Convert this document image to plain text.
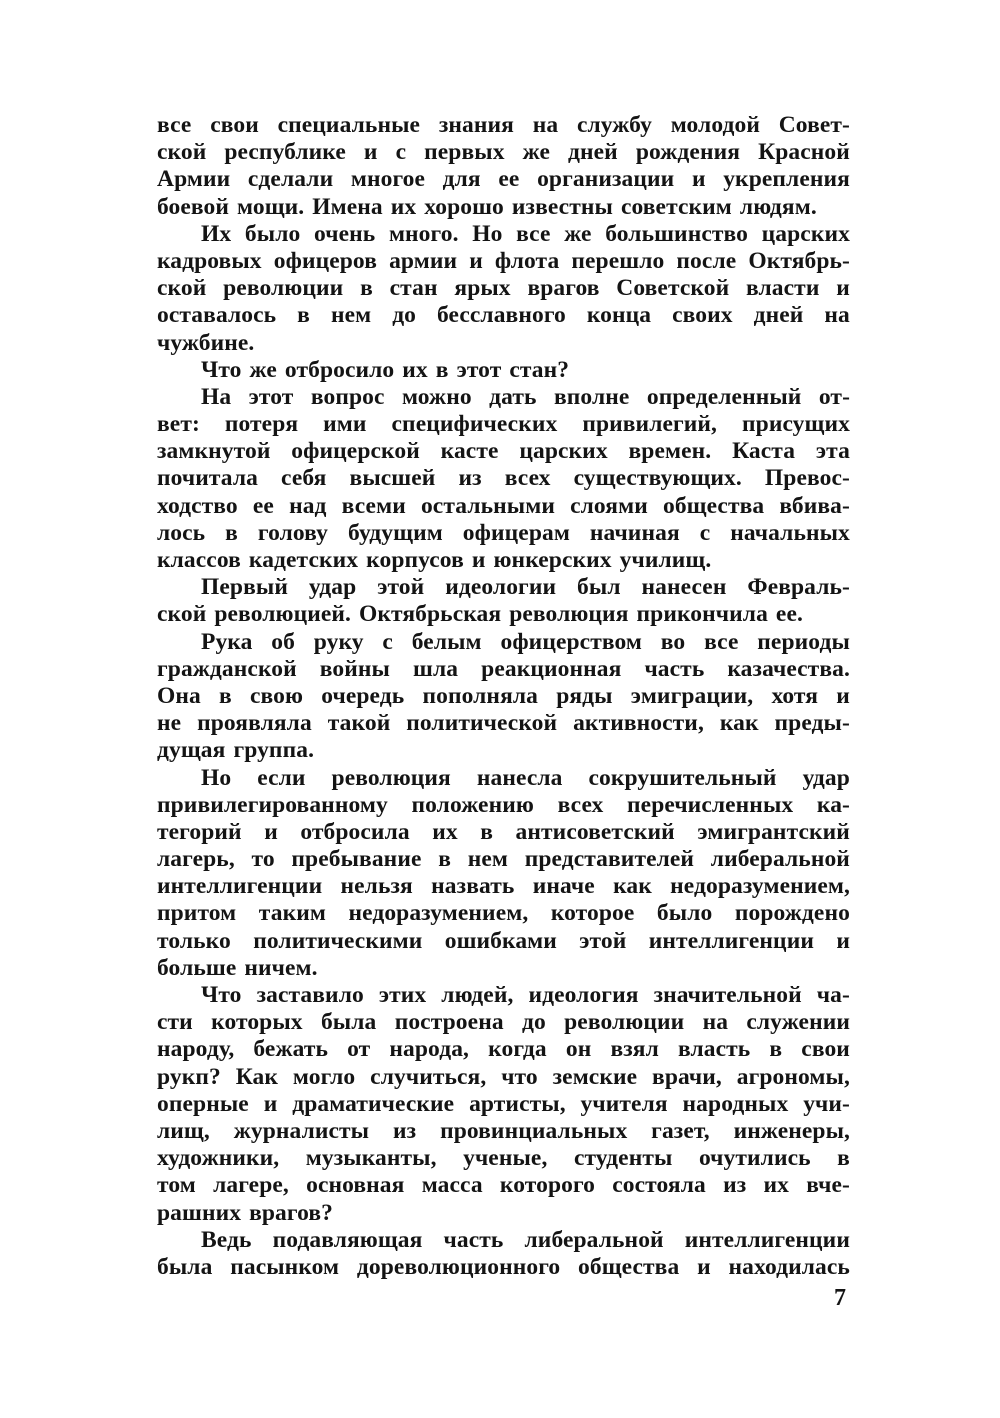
все свои специальные знания на службу молодой Совет-
ской республике и с первых же дней рождения Красной
Армии сделали многое для ее организации и укрепления
боевой мощи. Имена их хорошо известны советским людям.
Их было очень много. Но все же большинство царских
кадровых офицеров армии и флота перешло после Октябрь-
ской революции в стан ярых врагов Советской власти и
оставалось в нем до бесславного конца своих дней на
чужбине.
Что же отбросило их в этот стан?
На этот вопрос можно дать вполне определенный от-
вет: потеря ими специфических привилегий, присущих
замкнутой офицерской касте царских времен. Каста эта
почитала себя высшей из всех существующих. Превос-
ходство ее над всеми остальными слоями общества вбива-
лось в голову будущим офицерам начиная с начальных
классов кадетских корпусов и юнкерских училищ.
Первый удар этой идеологии был нанесен Февраль-
ской революцией. Октябрьская революция прикончила ее.
Рука об руку с белым офицерством во все периоды
гражданской войны шла реакционная часть казачества.
Она в свою очередь пополняла ряды эмиграции, хотя и
не проявляла такой политической активности, как преды-
дущая группа.
Но если революция нанесла сокрушительный удар
привилегированному положению всех перечисленных ка-
тегорий и отбросила их в антисоветский эмигрантский
лагерь, то пребывание в нем представителей либеральной
интеллигенции нельзя назвать иначе как недоразумением,
притом таким недоразумением, которое было порождено
только политическими ошибками этой интеллигенции и
больше ничем.
Что заставило этих людей, идеология значительной ча-
сти которых была построена до революции на служении
народу, бежать от народа, когда он взял власть в свои
рукп? Как могло случиться, что земские врачи, агрономы,
оперные и драматические артисты, учителя народных учи-
лищ, журналисты из провинциальных газет, инженеры,
художники, музыканты, ученые, студенты очутились в
том лагере, основная масса которого состояла из их вче-
рашних врагов?
Ведь подавляющая часть либеральной интеллигенции
была пасынком дореволюционного общества и находилась
7
